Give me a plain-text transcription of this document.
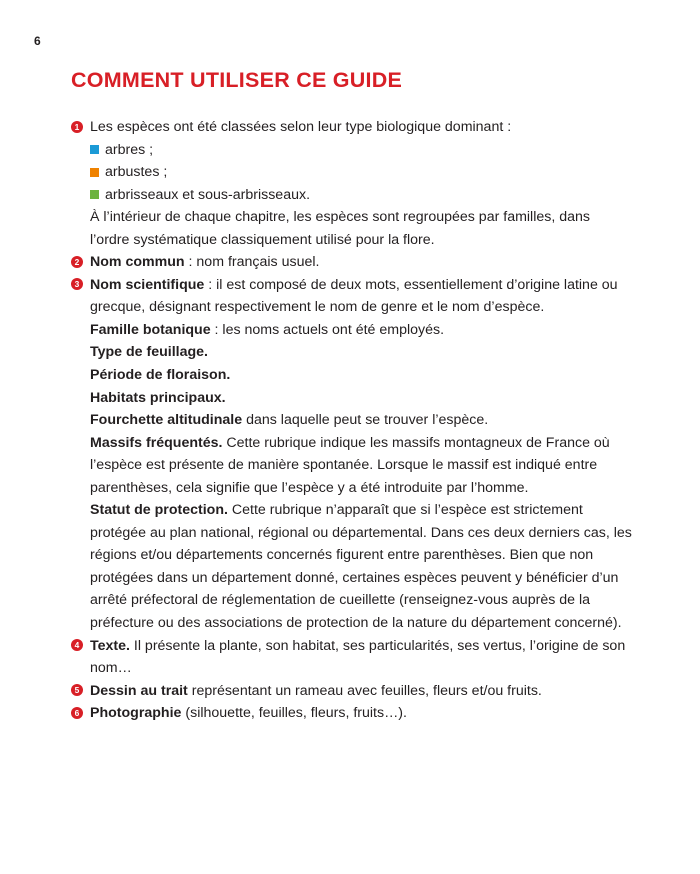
6
COMMENT UTILISER CE GUIDE
1 Les espèces ont été classées selon leur type biologique dominant :
arbres ;
arbustes ;
arbrisseaux et sous-arbrisseaux.
À l’intérieur de chaque chapitre, les espèces sont regroupées par familles, dans l’ordre systématique classiquement utilisé pour la flore.
2 Nom commun : nom français usuel.
3 Nom scientifique : il est composé de deux mots, essentiellement d’origine latine ou grecque, désignant respectivement le nom de genre et le nom d’espèce.
Famille botanique : les noms actuels ont été employés.
Type de feuillage.
Période de floraison.
Habitats principaux.
Fourchette altitudinale dans laquelle peut se trouver l’espèce.
Massifs fréquentés. Cette rubrique indique les massifs montagneux de France où l’espèce est présente de manière spontanée. Lorsque le massif est indiqué entre parenthèses, cela signifie que l’espèce y a été introduite par l’homme.
Statut de protection. Cette rubrique n’apparaît que si l’espèce est strictement protégée au plan national, régional ou départemental. Dans ces deux derniers cas, les régions et/ou départements concernés figurent entre parenthèses. Bien que non protégées dans un département donné, certaines espèces peuvent y bénéficier d’un arrêté préfectoral de réglementation de cueillette (renseignez-vous auprès de la préfecture ou des associations de protection de la nature du département concerné).
4 Texte. Il présente la plante, son habitat, ses particularités, ses vertus, l’origine de son nom…
5 Dessin au trait représentant un rameau avec feuilles, fleurs et/ou fruits.
6 Photographie (silhouette, feuilles, fleurs, fruits…).
